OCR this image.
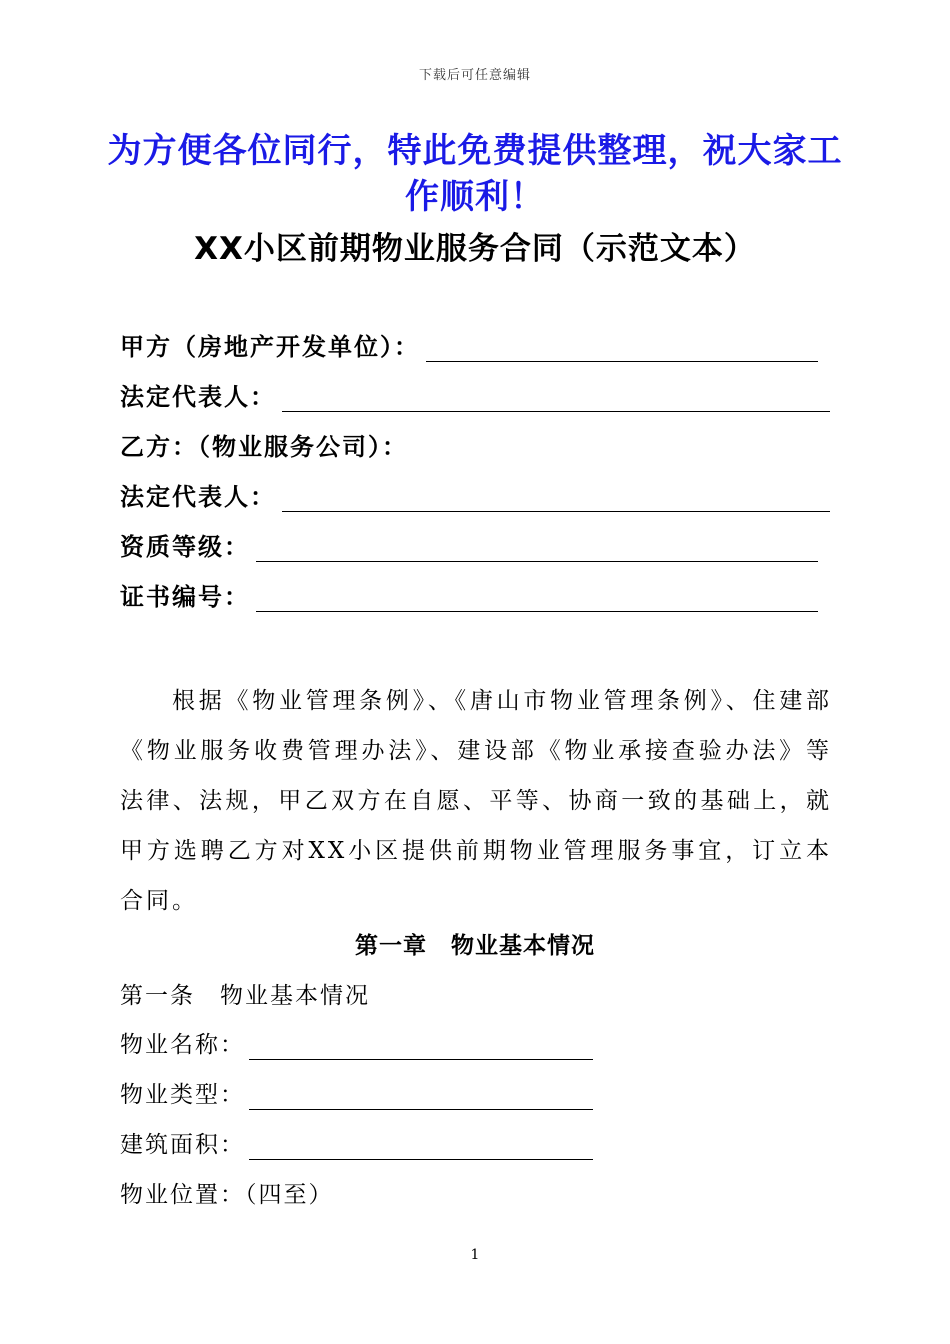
下载后可任意编辑
为方便各位同行，特此免费提供整理，祝大家工作顺利！
XX小区前期物业服务合同（示范文本）
甲方（房地产开发单位）：
法定代表人：
乙方：（物业服务公司）：
法定代表人：
资质等级：
证书编号：
根据《物业管理条例》、《唐山市物业管理条例》、住建部《物业服务收费管理办法》、建设部《物业承接查验办法》等法律、法规，甲乙双方在自愿、平等、协商一致的基础上，就甲方选聘乙方对XX小区提供前期物业管理服务事宜，订立本合同。
第一章　物业基本情况
第一条　物业基本情况
物业名称：
物业类型：
建筑面积：
物业位置：（四至）
1
